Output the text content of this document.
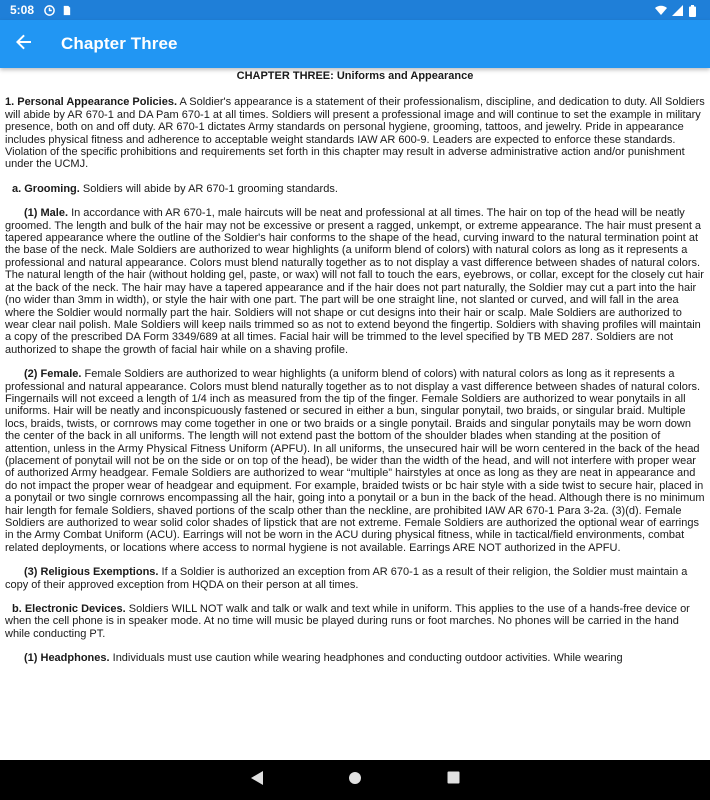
5:08
Chapter Three
CHAPTER THREE: Uniforms and Appearance

1. Personal Appearance Policies. A Soldier's appearance is a statement of their professionalism, discipline, and dedication to duty. All Soldiers will abide by AR 670-1 and DA Pam 670-1 at all times. Soldiers will present a professional image and will continue to set the example in military presence, both on and off duty. AR 670-1 dictates Army standards on personal hygiene, grooming, tattoos, and jewelry. Pride in appearance includes physical fitness and adherence to acceptable weight standards IAW AR 600-9. Leaders are expected to enforce these standards. Violation of the specific prohibitions and requirements set forth in this chapter may result in adverse administrative action and/or punishment under the UCMJ.

a. Grooming. Soldiers will abide by AR 670-1 grooming standards.

(1) Male. In accordance with AR 670-1, male haircuts will be neat and professional at all times. The hair on top of the head will be neatly groomed. The length and bulk of the hair may not be excessive or present a ragged, unkempt, or extreme appearance. The hair must present a tapered appearance where the outline of the Soldier's hair conforms to the shape of the head, curving inward to the natural termination point at the base of the neck. Male Soldiers are authorized to wear highlights (a uniform blend of colors) with natural colors as long as it represents a professional and natural appearance. Colors must blend naturally together as to not display a vast difference between shades of natural colors. The natural length of the hair (without holding gel, paste, or wax) will not fall to touch the ears, eyebrows, or collar, except for the closely cut hair at the back of the neck. The hair may have a tapered appearance and if the hair does not part naturally, the Soldier may cut a part into the hair (no wider than 3mm in width), or style the hair with one part. The part will be one straight line, not slanted or curved, and will fall in the area where the Soldier would normally part the hair. Soldiers will not shape or cut designs into their hair or scalp. Male Soldiers are authorized to wear clear nail polish. Male Soldiers will keep nails trimmed so as not to extend beyond the fingertip. Soldiers with shaving profiles will maintain a copy of the prescribed DA Form 3349/689 at all times. Facial hair will be trimmed to the level specified by TB MED 287. Soldiers are not authorized to shape the growth of facial hair while on a shaving profile.

(2) Female. Female Soldiers are authorized to wear highlights (a uniform blend of colors) with natural colors as long as it represents a professional and natural appearance. Colors must blend naturally together as to not display a vast difference between shades of natural colors. Fingernails will not exceed a length of 1/4 inch as measured from the tip of the finger. Female Soldiers are authorized to wear ponytails in all uniforms. Hair will be neatly and inconspicuously fastened or secured in either a bun, singular ponytail, two braids, or singular braid. Multiple locs, braids, twists, or cornrows may come together in one or two braids or a single ponytail. Braids and singular ponytails may be worn down the center of the back in all uniforms. The length will not extend past the bottom of the shoulder blades when standing at the position of attention, unless in the Army Physical Fitness Uniform (APFU). In all uniforms, the unsecured hair will be worn centered in the back of the head (placement of ponytail will not be on the side or on top of the head), be wider than the width of the head, and will not interfere with proper wear of authorized Army headgear. Female Soldiers are authorized to wear “multiple” hairstyles at once as long as they are neat in appearance and do not impact the proper wear of headgear and equipment. For example, braided twists or bc hair style with a side twist to secure hair, placed in a ponytail or two single cornrows encompassing all the hair, going into a ponytail or a bun in the back of the head. Although there is no minimum hair length for female Soldiers, shaved portions of the scalp other than the neckline, are prohibited IAW AR 670-1 Para 3-2a. (3)(d). Female Soldiers are authorized to wear solid color shades of lipstick that are not extreme. Female Soldiers are authorized the optional wear of earrings in the Army Combat Uniform (ACU). Earrings will not be worn in the ACU during physical fitness, while in tactical/field environments, combat related deployments, or locations where access to normal hygiene is not available. Earrings ARE NOT authorized in the APFU.

(3) Religious Exemptions. If a Soldier is authorized an exception from AR 670-1 as a result of their religion, the Soldier must maintain a copy of their approved exception from HQDA on their person at all times.

b. Electronic Devices. Soldiers WILL NOT walk and talk or walk and text while in uniform. This applies to the use of a hands-free device or when the cell phone is in speaker mode. At no time will music be played during runs or foot marches. No phones will be carried in the hand while conducting PT.

(1) Headphones. Individuals must use caution while wearing headphones and conducting outdoor activities. While wearing
